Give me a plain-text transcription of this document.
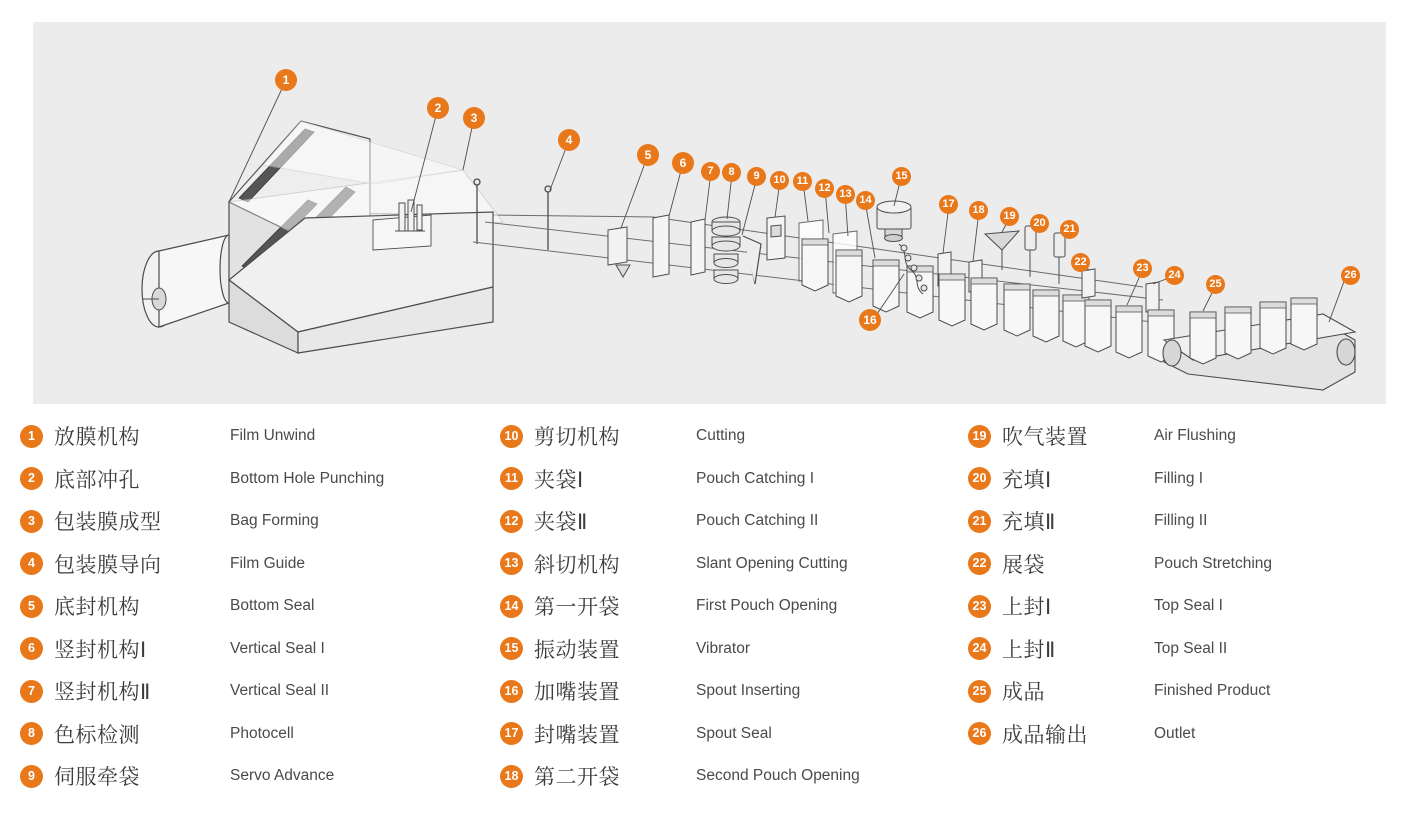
1
2
3
4
5
6
7	8	9	10	11
12 13 14
15
16
17	18	19
20	21
22	23
24
25
26
1 放膜机构	Film Unwind
2 底部冲孔	Bottom Hole Punching
3 包装膜成型	Bag Forming
4 包装膜导向	Film Guide
5 底封机构	Bottom Seal
6 竖封机构Ⅰ	Vertical Seal I
7 竖封机构Ⅱ	Vertical Seal II
8 色标检测	Photocell
9 伺服牵袋	Servo Advance
10 剪切机构	Cutting
11 夹袋Ⅰ	Pouch Catching I
12 夹袋Ⅱ	Pouch Catching II
13 斜切机构	Slant Opening Cutting
14 第一开袋	First Pouch Opening
15 振动装置	Vibrator
16 加嘴装置	Spout Inserting
17 封嘴装置	Spout Seal
18 第二开袋	Second Pouch Opening
19 吹气装置	Air Flushing
20 充填Ⅰ	Filling I
21 充填Ⅱ	Filling II
22 展袋	Pouch Stretching
23 上封Ⅰ	Top Seal I
24 上封Ⅱ	Top Seal II
25 成品	Finished Product
26 成品输出	Outlet
